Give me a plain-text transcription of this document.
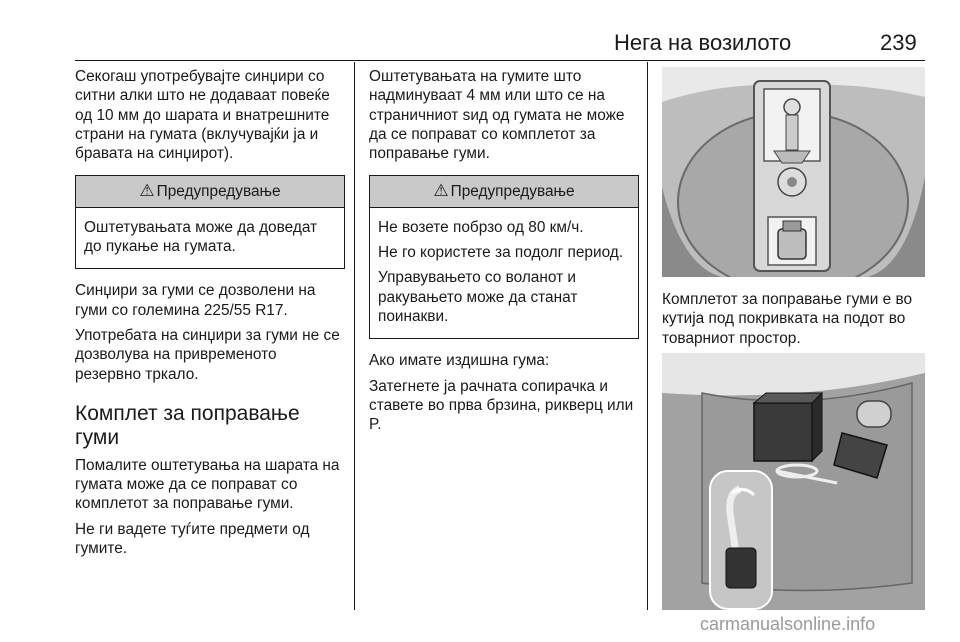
Нега на возилото	239

Секогаш употребувајте синџири со ситни алки што не додаваат повеќе од 10 мм до шарата и внатрешните страни на гумата (вклучувајќи ја и бравата на синџирот).

⚠ Предупредување

Оштетувањата може да доведат до пукање на гумата.

Синџири за гуми се дозволени на гуми со големина 225/55 R17.

Употребата на синџири за гуми не се дозволува на привременото резервно тркало.

Комплет за поправање гуми

Помалите оштетувања на шарата на гумата може да се поправат со комплетот за поправање гуми.

Не ги вадете туѓите предмети од гумите.

Оштетувањата на гумите што надминуваат 4 мм или што се на страничниот ѕид од гумата не може да се поправат со комплетот за поправање гуми.

⚠ Предупредување

Не возете побрзо од 80 км/ч.

Не го користете за подолг период.

Управувањето со воланот и ракувањето може да станат поинакви.

Ако имате издишна гума:

Затегнете ја рачната сопирачка и ставете во прва брзина, рикверц или P.

Комплетот за поправање гуми е во кутија под покривката на подот во товарниот простор.

carmanualsonline.info
